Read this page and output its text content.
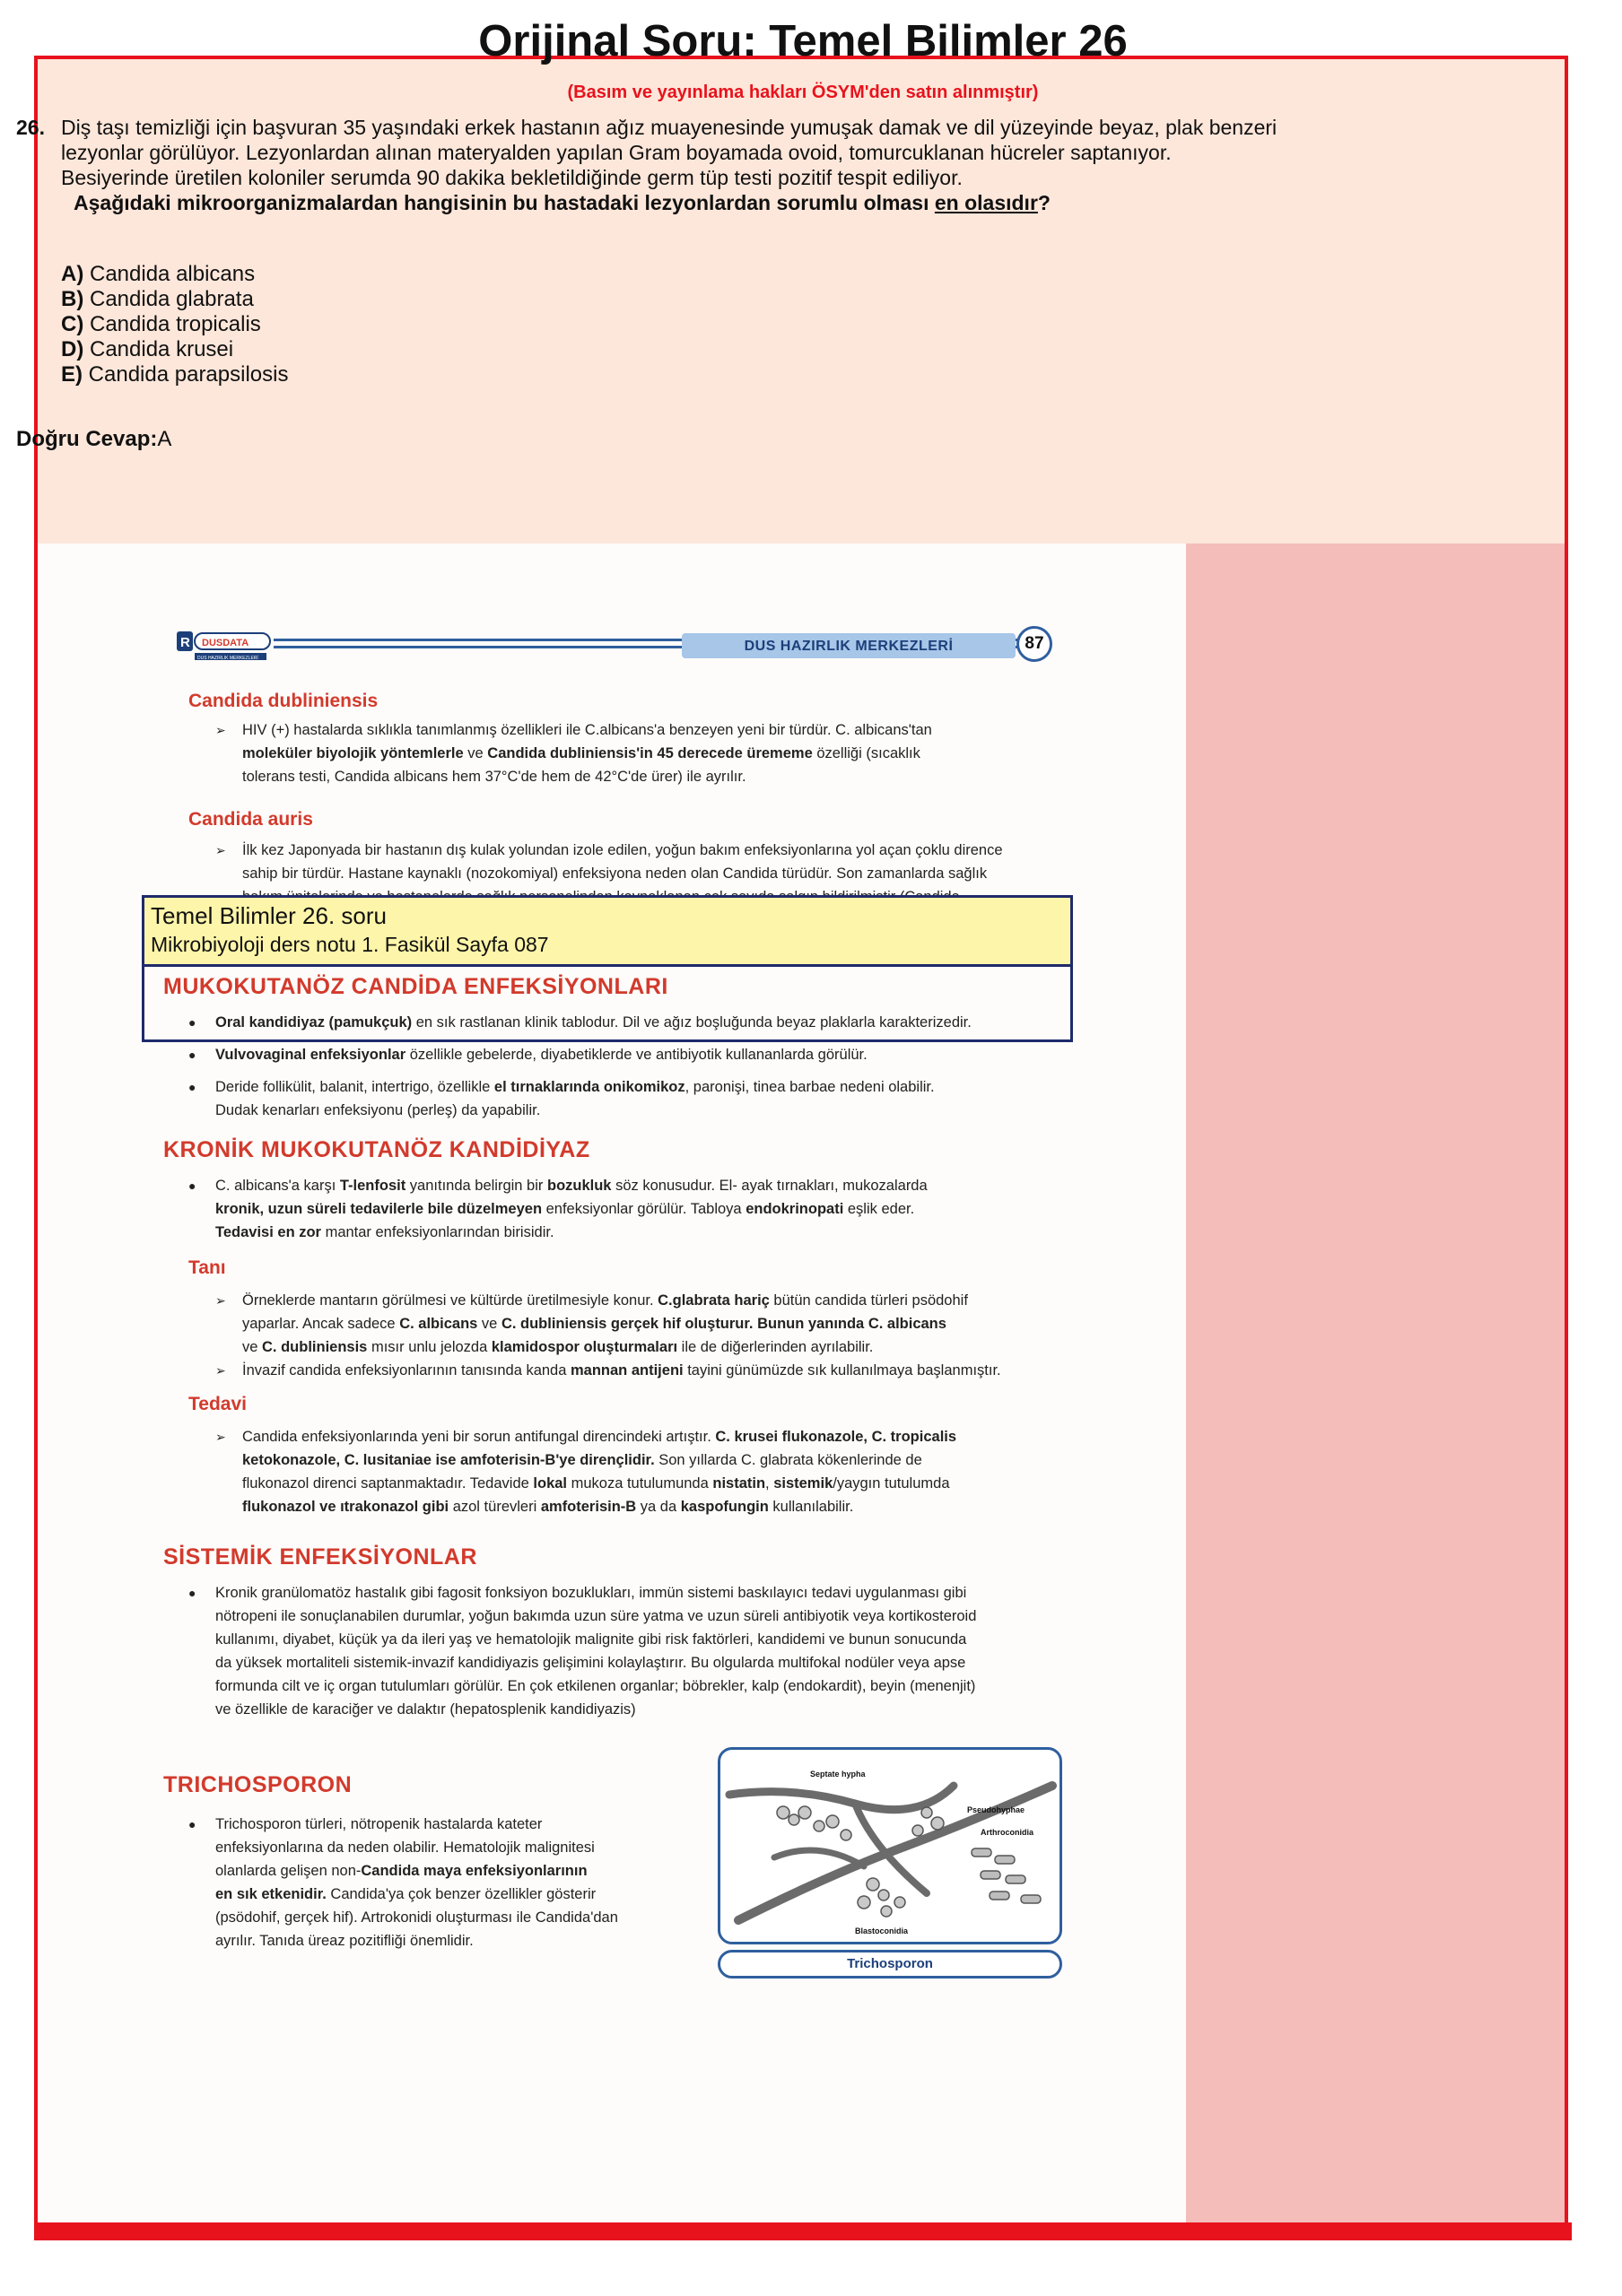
Orijinal Soru: Temel Bilimler 26
(Basım ve yayınlama hakları ÖSYM'den satın alınmıştır)
26. Diş taşı temizliği için başvuran 35 yaşındaki erkek hastanın ağız muayenesinde yumuşak damak ve dil yüzeyinde beyaz, plak benzeri
lezyonlar görülüyor. Lezyonlardan alınan materyalden yapılan Gram boyamada ovoid, tomurcuklanan hücreler saptanıyor.
Besiyerinde üretilen koloniler serumda 90 dakika bekletildiğinde germ tüp testi pozitif tespit ediliyor.
Aşağıdaki mikroorganizmalardan hangisinin bu hastadaki lezyonlardan sorumlu olması en olasıdır?
A) Candida albicans
B) Candida glabrata
C) Candida tropicalis
D) Candida krusei
E) Candida parapsilosis
Doğru Cevap:A
R DUSDATA
DUS HAZIRLIK MERKEZLERİ
DUS HAZIRLIK MERKEZLERİ	87
Candida dubliniensis
➢ HIV (+) hastalarda sıklıkla tanımlanmış özellikleri ile C.albicans'a benzeyen yeni bir türdür. C. albicans'tan
moleküler biyolojik yöntemlerle ve Candida dubliniensis'in 45 derecede ürememe özelliği (sıcaklık
tolerans testi, Candida albicans hem 37°C'de hem de 42°C'de ürer) ile ayrılır.
Candida auris
➢ İlk kez Japonyada bir hastanın dış kulak yolundan izole edilen, yoğun bakım enfeksiyonlarına yol açan çoklu dirence
sahip bir türdür. Hastane kaynaklı (nozokomiyal) enfeksiyona neden olan Candida türüdür. Son zamanlarda sağlık
Temel Bilimler 26. soru
Mikrobiyoloji ders notu 1. Fasikül Sayfa 087
MUKOKUTANÖZ CANDİDA ENFEKSİYONLARI
● Oral kandidiyaz (pamukçuk) en sık rastlanan klinik tablodur. Dil ve ağız boşluğunda beyaz plaklarla karakterizedir.
● Vulvovaginal enfeksiyonlar özellikle gebelerde, diyabetiklerde ve antibiyotik kullananlarda görülür.
● Deride follikülit, balanit, intertrigo, özellikle el tırnaklarında onikomikoz, paronişi, tinea barbae nedeni olabilir.
Dudak kenarları enfeksiyonu (perleş) da yapabilir.
KRONİK MUKOKUTANÖZ KANDİDİYAZ
● C. albicans'a karşı T-lenfosit yanıtında belirgin bir bozukluk söz konusudur. El- ayak tırnakları, mukozalarda
kronik, uzun süreli tedavilerle bile düzelmeyen enfeksiyonlar görülür. Tabloya endokrinopati eşlik eder.
Tedavisi en zor mantar enfeksiyonlarından birisidir.
Tanı
➢ Örneklerde mantarın görülmesi ve kültürde üretilmesiyle konur. C.glabrata hariç bütün candida türleri psödohif
yaparlar. Ancak sadece C. albicans ve C. dubliniensis gerçek hif oluşturur. Bunun yanında C. albicans
ve C. dubliniensis mısır unlu jelozda klamidospor oluşturmaları ile de diğerlerinden ayrılabilir.
➢ İnvazif candida enfeksiyonlarının tanısında kanda mannan antijeni tayini günümüzde sık kullanılmaya başlanmıştır.
Tedavi
➢ Candida enfeksiyonlarında yeni bir sorun antifungal direncindeki artıştır. C. krusei flukonazole, C. tropicalis
ketokonazole, C. lusitaniae ise amfoterisin-B'ye dirençlidir. Son yıllarda C. glabrata kökenlerinde de
flukonazol direnci saptanmaktadır. Tedavide lokal mukoza tutulumunda nistatin, sistemik/yaygın tutulumda
flukonazol ve ıtrakonazol gibi azol türevleri amfoterisin-B ya da kaspofungin kullanılabilir.
SİSTEMİK ENFEKSİYONLAR
● Kronik granülomatöz hastalık gibi fagosit fonksiyon bozuklukları, immün sistemi baskılayıcı tedavi uygulanması gibi
nötropeni ile sonuçlanabilen durumlar, yoğun bakımda uzun süre yatma ve uzun süreli antibiyotik veya kortikosteroid
kullanımı, diyabet, küçük ya da ileri yaş ve hematolojik malignite gibi risk faktörleri, kandidemi ve bunun sonucunda
da yüksek mortaliteli sistemik-invazif kandidiyazis gelişimini kolaylaştırır. Bu olgularda multifokal nodüler veya apse
formunda cilt ve iç organ tutulumları görülür. En çok etkilenen organlar; böbrekler, kalp (endokardit), beyin (menenjit)
ve özellikle de karaciğer ve dalaktır (hepatosplenik kandidiyazis)
TRICHOSPORON
● Trichosporon türleri, nötropenik hastalarda kateter
enfeksiyonlarına da neden olabilir. Hematolojik malignitesi
olanlarda gelişen non-Candida maya enfeksiyonlarının
en sık etkenidir. Candida'ya çok benzer özellikler gösterir
(psödohif, gerçek hif). Artrokonidi oluşturması ile Candida'dan
ayrılır. Tanıda üreaz pozitifliği önemlidir.
Septate hypha
Pseudohyphae
Arthroconidia
Blastoconidia
Trichosporon
